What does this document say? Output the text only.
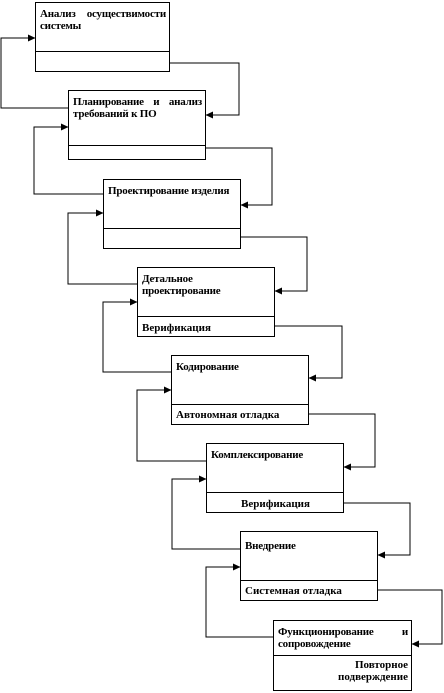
Анализ осуществимости системы
Планирование и анализ требований к ПО
Проектирование изделия
Детальное проектирование
Верификация
Кодирование
Автономная отладка
Комплексирование
Верификация
Внедрение
Системная отладка
Функционирование и сопровождение
Повторное подверждение
